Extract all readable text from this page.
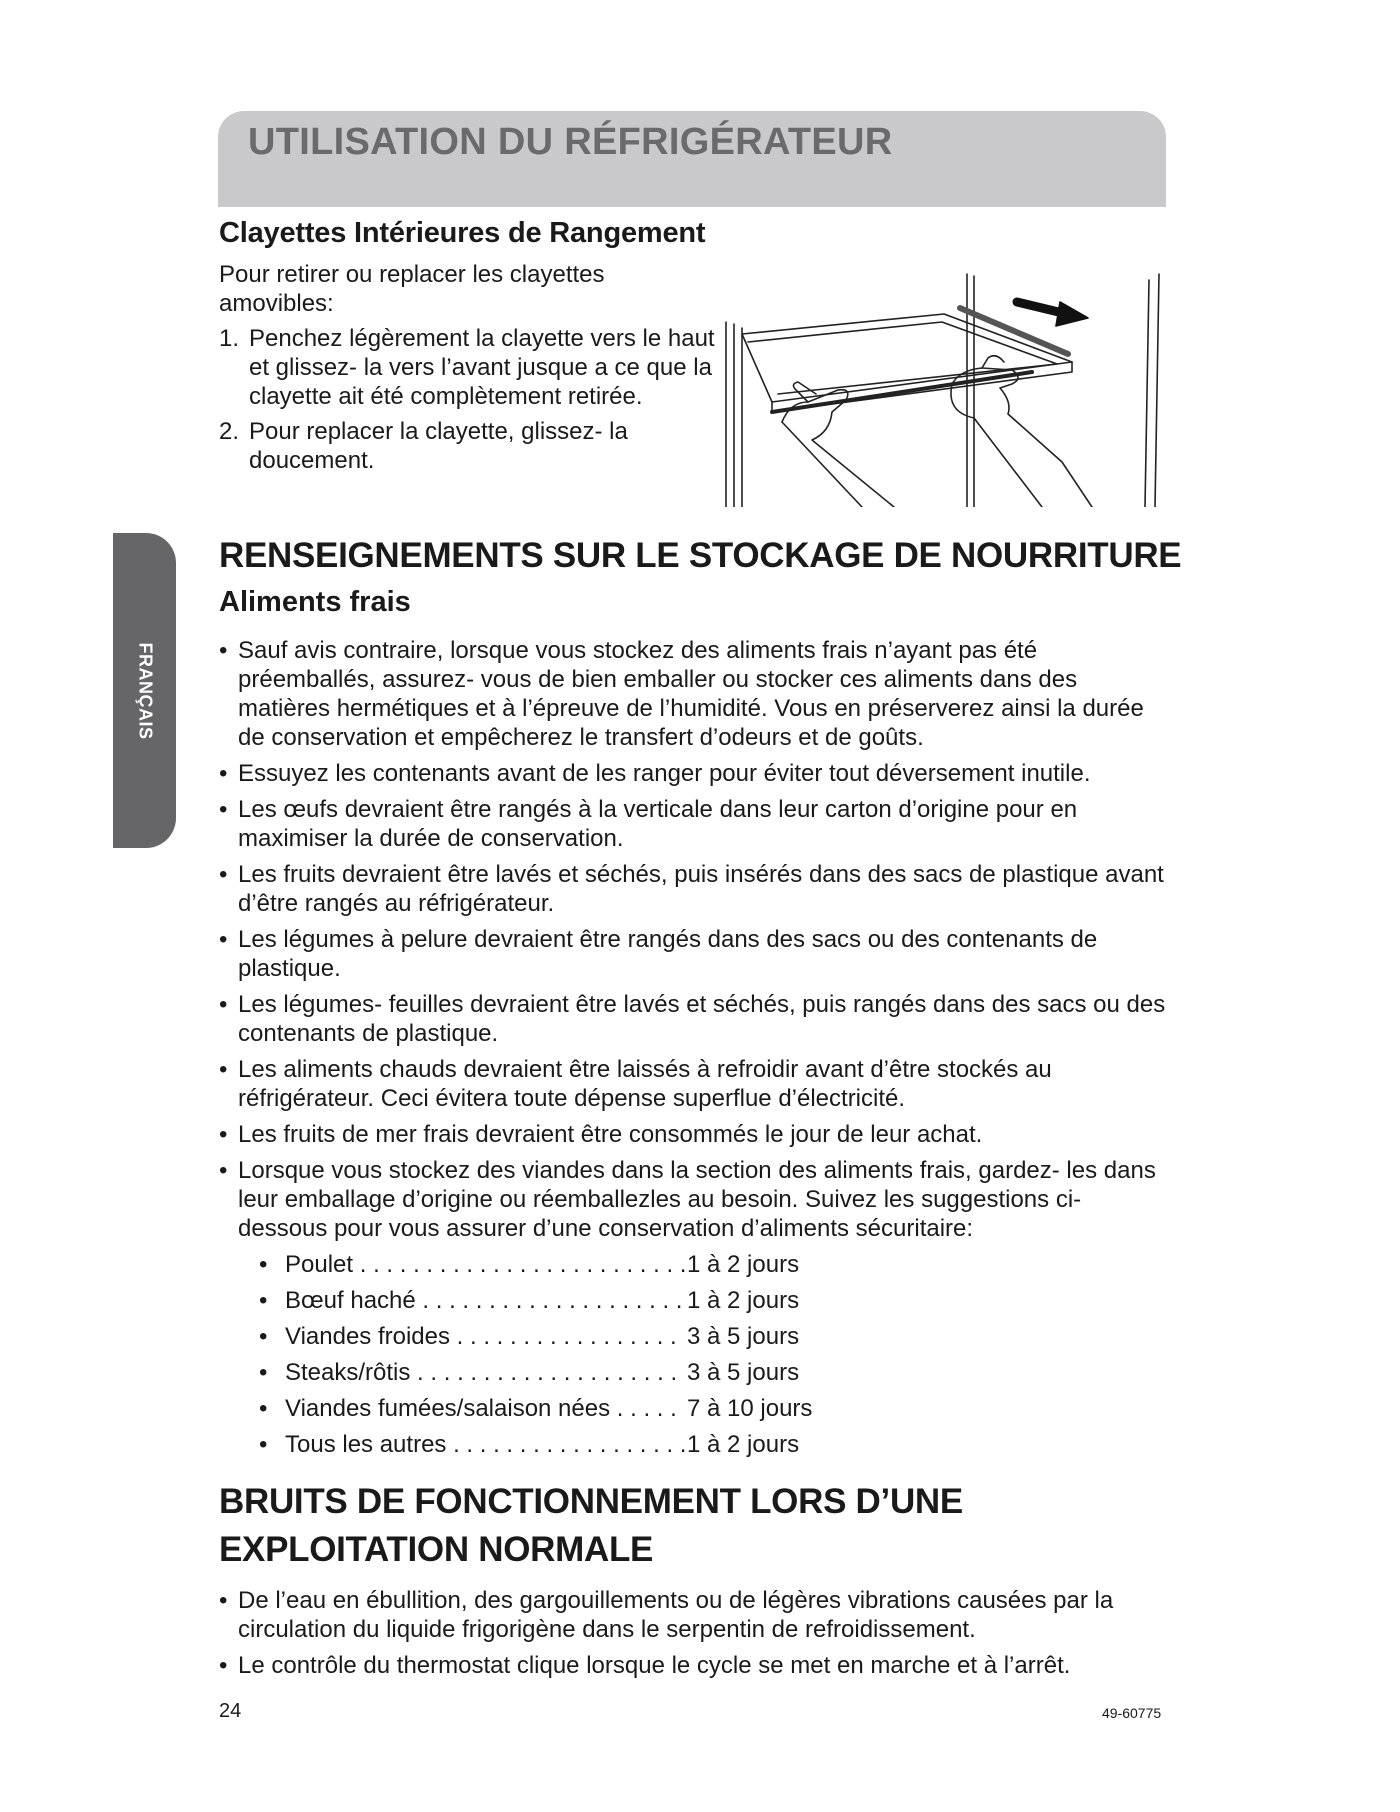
UTILISATION DU RÉFRIGÉRATEUR
FRANÇAIS
Clayettes Intérieures de Rangement

Pour retirer ou replacer les clayettes amovibles:

1. Penchez légèrement la clayette vers le haut et glissez- la vers l’avant jusque a ce que la clayette ait été complètement retirée.
2. Pour replacer la clayette, glissez- la doucement.
RENSEIGNEMENTS SUR LE STOCKAGE DE NOURRITURE
Aliments frais
• Sauf avis contraire, lorsque vous stockez des aliments frais n’ayant pas été préemballés, assurez- vous de bien emballer ou stocker ces aliments dans des matières hermétiques et à l’épreuve de l’humidité. Vous en préserverez ainsi la durée de conservation et empêcherez le transfert d’odeurs et de goûts.
• Essuyez les contenants avant de les ranger pour éviter tout déversement inutile.
• Les œufs devraient être rangés à la verticale dans leur carton d’origine pour en maximiser la durée de conservation.
• Les fruits devraient être lavés et séchés, puis insérés dans des sacs de plastique avant d’être rangés au réfrigérateur.
• Les légumes à pelure devraient être rangés dans des sacs ou des contenants de plastique.
• Les légumes- feuilles devraient être lavés et séchés, puis rangés dans des sacs ou des contenants de plastique.
• Les aliments chauds devraient être laissés à refroidir avant d’être stockés au réfrigérateur. Ceci évitera toute dépense superflue d’électricité.
• Les fruits de mer frais devraient être consommés le jour de leur achat.
• Lorsque vous stockez des viandes dans la section des aliments frais, gardez- les dans leur emballage d’origine ou réemballezles au besoin. Suivez les suggestions ci- dessous pour vous assurer d’une conservation d’aliments sécuritaire:
• Poulet . . .	1 à 2 jours
• Bœuf haché . . .	1 à 2 jours
• Viandes froides . . .	3 à 5 jours
• Steaks/rôtis . . .	3 à 5 jours
• Viandes fumées/salaison nées . . .	7 à 10 jours
• Tous les autres . . .	1 à 2 jours
BRUITS DE FONCTIONNEMENT LORS D’UNE
EXPLOITATION NORMALE
• De l’eau en ébullition, des gargouillements ou de légères vibrations causées par la circulation du liquide frigorigène dans le serpentin de refroidissement.
• Le contrôle du thermostat clique lorsque le cycle se met en marche et à l’arrêt.
24	49-60775
